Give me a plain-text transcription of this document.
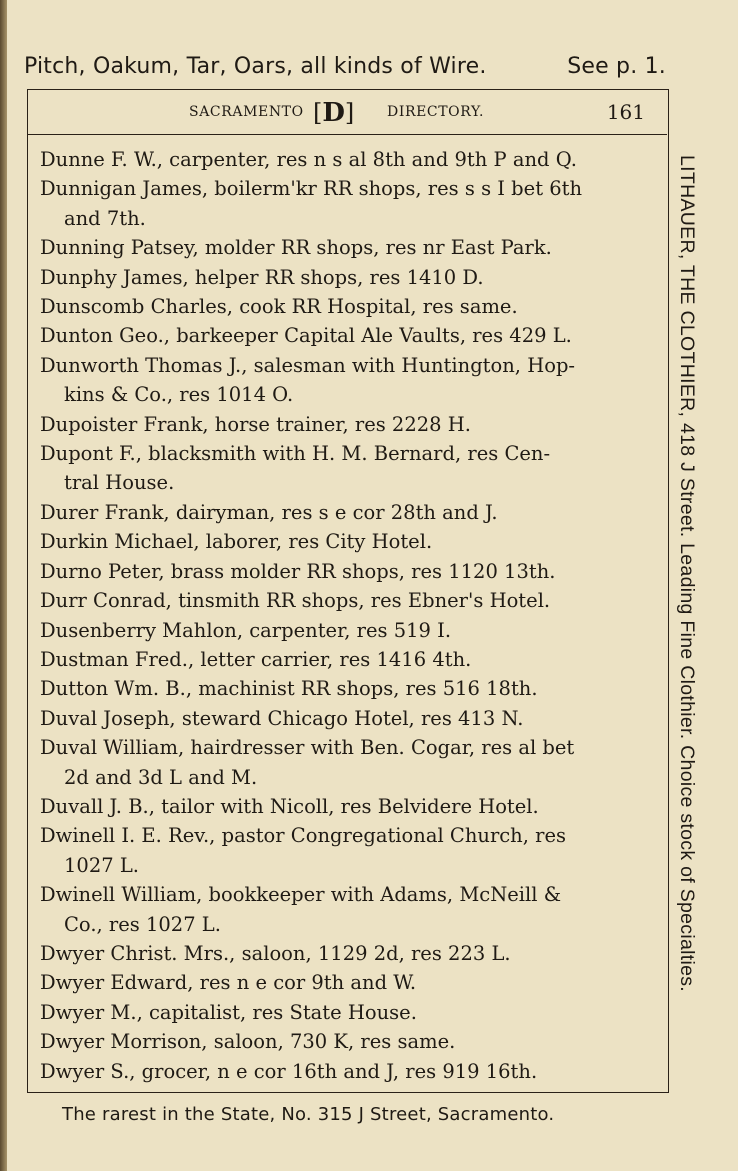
Pitch, Oakum, Tar, Oars, all kinds of Wire.	See p. 1.
SACRAMENTO [D] DIRECTORY.	161
Dunne F. W., carpenter, res n s al 8th and 9th P and Q.
Dunnigan James, boilerm'kr RR shops, res s s I bet 6th
and 7th.
Dunning Patsey, molder RR shops, res nr East Park.
Dunphy James, helper RR shops, res 1410 D.
Dunscomb Charles, cook RR Hospital, res same.
Dunton Geo., barkeeper Capital Ale Vaults, res 429 L.
Dunworth Thomas J., salesman with Huntington, Hop-
kins & Co., res 1014 O.
Dupoister Frank, horse trainer, res 2228 H.
Dupont F., blacksmith with H. M. Bernard, res Cen-
tral House.
Durer Frank, dairyman, res s e cor 28th and J.
Durkin Michael, laborer, res City Hotel.
Durno Peter, brass molder RR shops, res 1120 13th.
Durr Conrad, tinsmith RR shops, res Ebner's Hotel.
Dusenberry Mahlon, carpenter, res 519 I.
Dustman Fred., letter carrier, res 1416 4th.
Dutton Wm. B., machinist RR shops, res 516 18th.
Duval Joseph, steward Chicago Hotel, res 413 N.
Duval William, hairdresser with Ben. Cogar, res al bet
2d and 3d L and M.
Duvall J. B., tailor with Nicoll, res Belvidere Hotel.
Dwinell I. E. Rev., pastor Congregational Church, res
1027 L.
Dwinell William, bookkeeper with Adams, McNeill &
Co., res 1027 L.
Dwyer Christ. Mrs., saloon, 1129 2d, res 223 L.
Dwyer Edward, res n e cor 9th and W.
Dwyer M., capitalist, res State House.
Dwyer Morrison, saloon, 730 K, res same.
Dwyer S., grocer, n e cor 16th and J, res 919 16th.
LITHAUER, THE CLOTHIER, 418 J Street. Leading Fine Clothier. Choice stock of Specialties.
The rarest in the State, No. 315 J Street, Sacramento.
